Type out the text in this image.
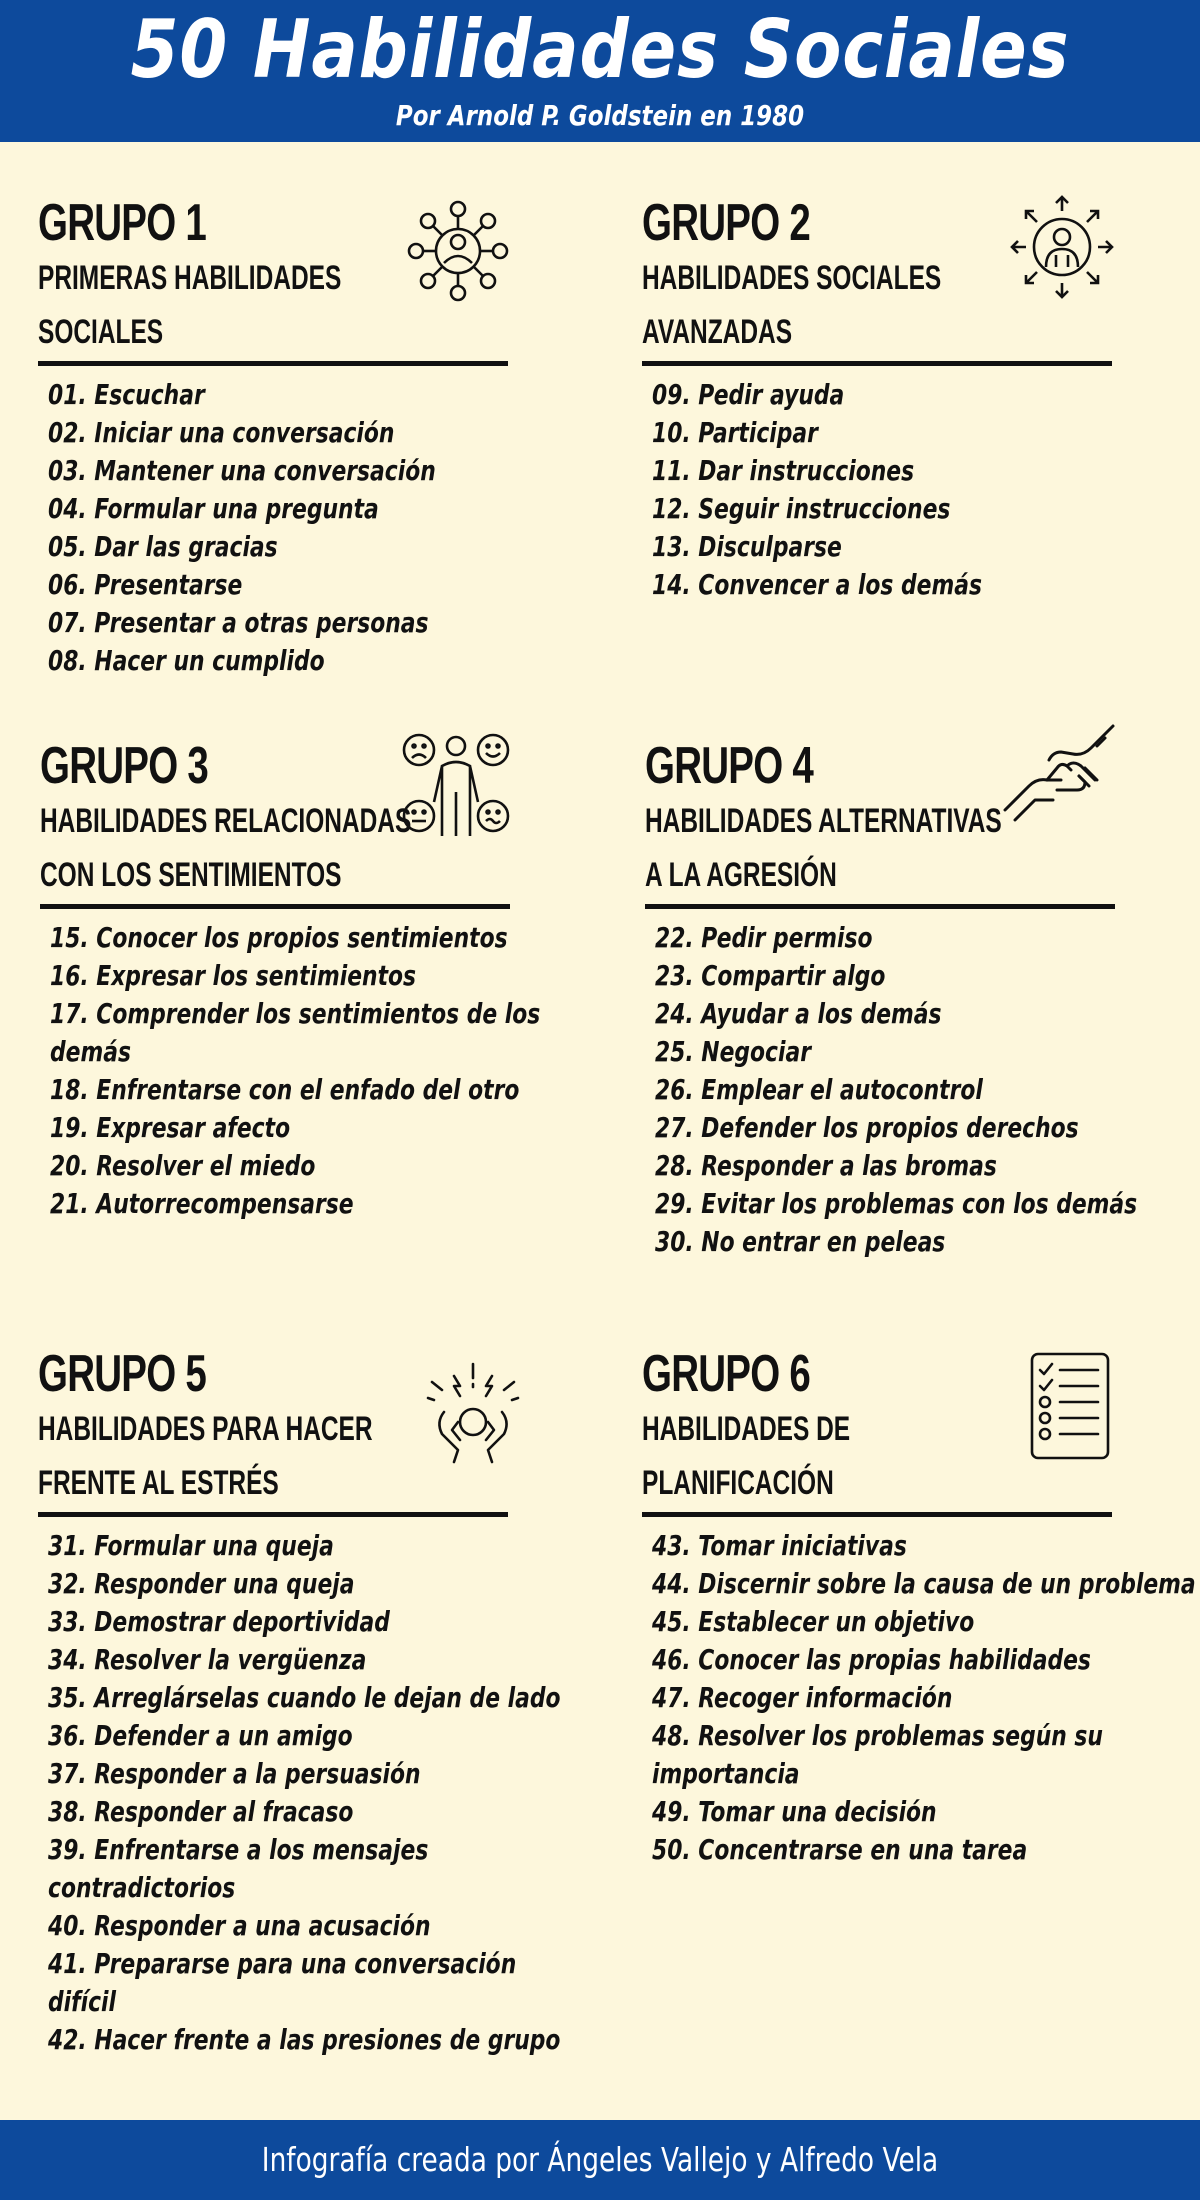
50 Habilidades Sociales
Por Arnold P. Goldstein en 1980
GRUPO 1
PRIMERAS HABILIDADES
SOCIALES
01. Escuchar
02. Iniciar una conversación
03. Mantener una conversación
04. Formular una pregunta
05. Dar las gracias
06. Presentarse
07. Presentar a otras personas
08. Hacer un cumplido
GRUPO 2
HABILIDADES SOCIALES
AVANZADAS
09. Pedir ayuda
10. Participar
11. Dar instrucciones
12. Seguir instrucciones
13. Disculparse
14. Convencer a los demás
GRUPO 3
HABILIDADES RELACIONADAS
CON LOS SENTIMIENTOS
15. Conocer los propios sentimientos
16. Expresar los sentimientos
17. Comprender los sentimientos de los
demás
18. Enfrentarse con el enfado del otro
19. Expresar afecto
20. Resolver el miedo
21. Autorrecompensarse
GRUPO 4
HABILIDADES ALTERNATIVAS
A LA AGRESIÓN
22. Pedir permiso
23. Compartir algo
24. Ayudar a los demás
25. Negociar
26. Emplear el autocontrol
27. Defender los propios derechos
28. Responder a las bromas
29. Evitar los problemas con los demás
30. No entrar en peleas
GRUPO 5
HABILIDADES PARA HACER
FRENTE AL ESTRÉS
31. Formular una queja
32. Responder una queja
33. Demostrar deportividad
34. Resolver la vergüenza
35. Arreglárselas cuando le dejan de lado
36. Defender a un amigo
37. Responder a la persuasión
38. Responder al fracaso
39. Enfrentarse a los mensajes
contradictorios
40. Responder a una acusación
41. Prepararse para una conversación
difícil
42. Hacer frente a las presiones de grupo
GRUPO 6
HABILIDADES DE
PLANIFICACIÓN
43. Tomar iniciativas
44. Discernir sobre la causa de un problema
45. Establecer un objetivo
46. Conocer las propias habilidades
47. Recoger información
48. Resolver los problemas según su
importancia
49. Tomar una decisión
50. Concentrarse en una tarea
Infografía creada por Ángeles Vallejo y Alfredo Vela
